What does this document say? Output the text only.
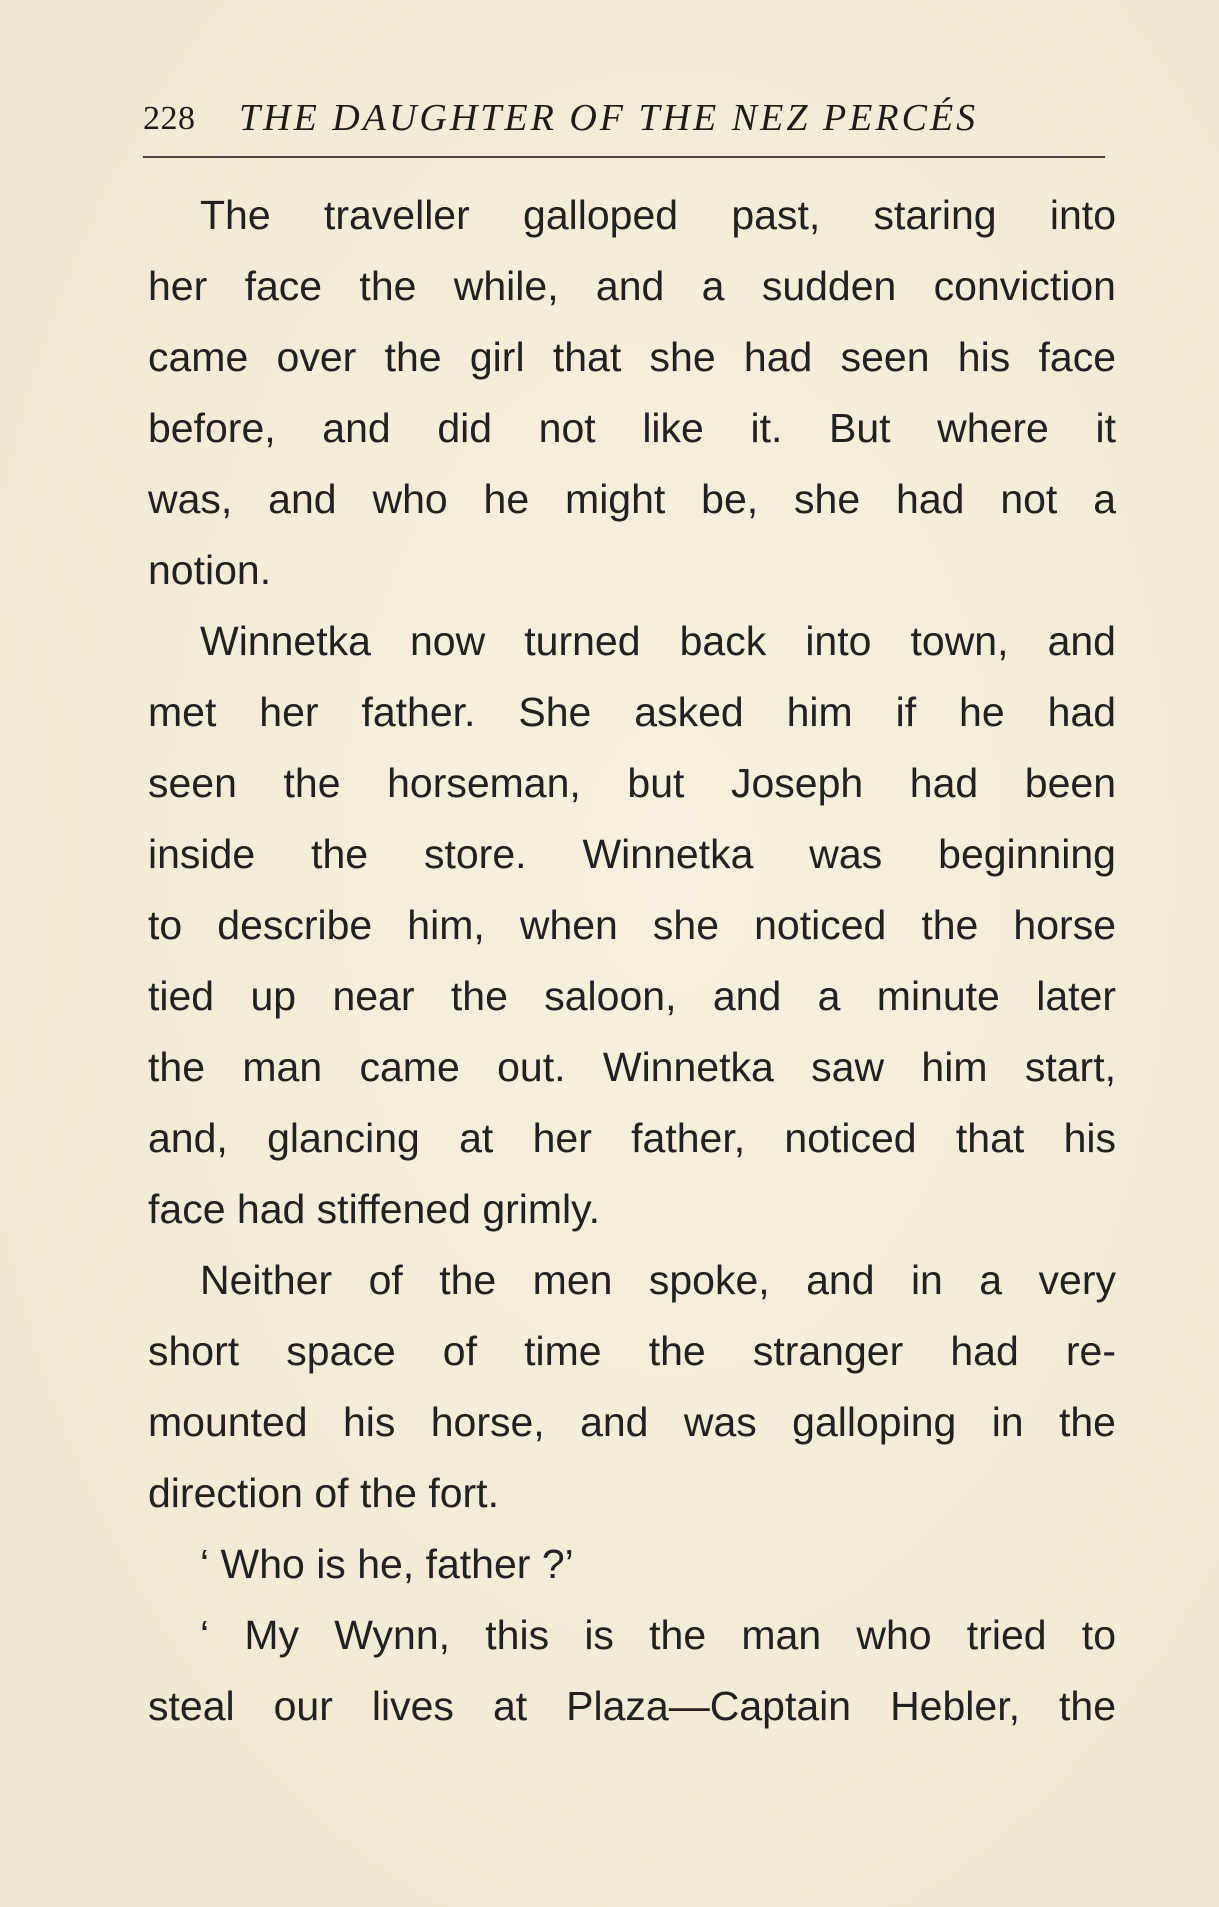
228 THE DAUGHTER OF THE NEZ PERCÉS
The traveller galloped past, staring into
her face the while, and a sudden conviction
came over the girl that she had seen his face
before, and did not like it. But where it
was, and who he might be, she had not a
notion.
Winnetka now turned back into town, and
met her father. She asked him if he had
seen the horseman, but Joseph had been
inside the store. Winnetka was beginning
to describe him, when she noticed the horse
tied up near the saloon, and a minute later
the man came out. Winnetka saw him start,
and, glancing at her father, noticed that his
face had stiffened grimly.
Neither of the men spoke, and in a very
short space of time the stranger had re-
mounted his horse, and was galloping in the
direction of the fort.
‘ Who is he, father ?’
‘ My Wynn, this is the man who tried to
steal our lives at Plaza—Captain Hebler, the
